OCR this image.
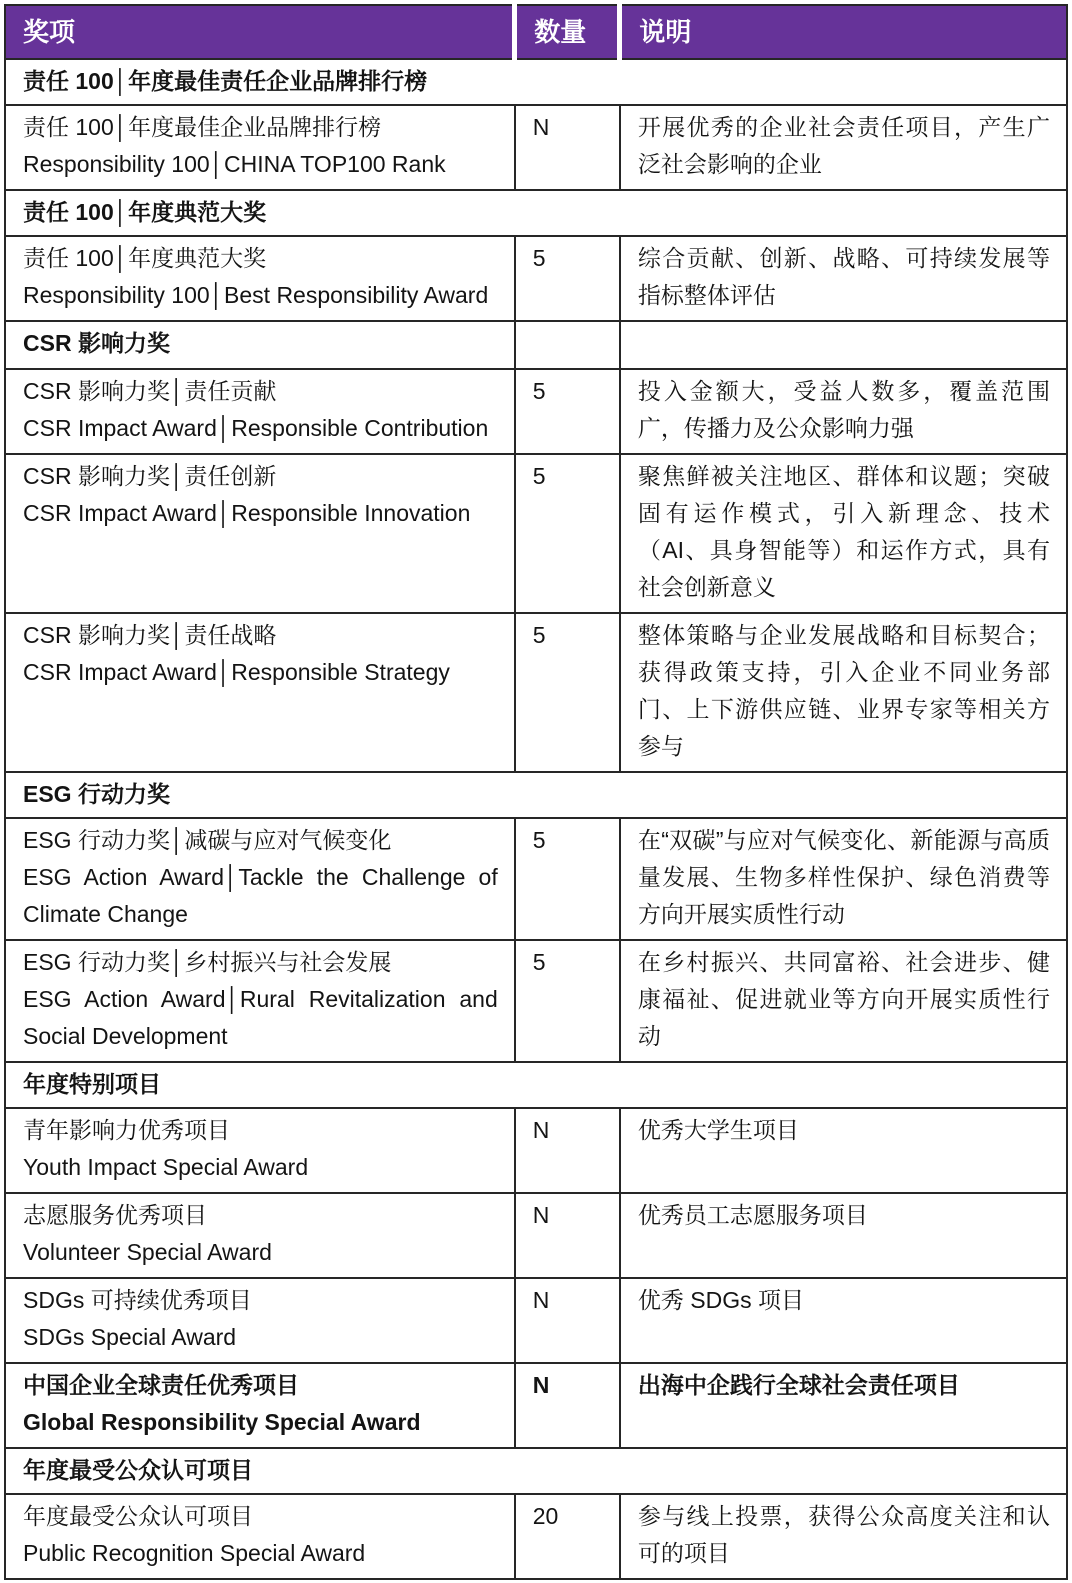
奖项	数量	说明
责任 100│年度最佳责任企业品牌排行榜		

责任 100│年度最佳企业品牌排行榜
Responsibility 100│CHINA TOP100 Rank	N	开展优秀的企业社会责任项目，产生广泛社会影响的企业
责任 100│年度典范大奖		

责任 100│年度典范大奖
Responsibility 100│Best Responsibility Award	5	综合贡献、创新、战略、可持续发展等指标整体评估
CSR 影响力奖		

CSR 影响力奖│责任贡献
CSR Impact Award│Responsible Contribution	5	投入金额大，受益人数多，覆盖范围广，传播力及公众影响力强

CSR 影响力奖│责任创新
CSR Impact Award│Responsible Innovation	5	聚焦鲜被关注地区、群体和议题；突破固有运作模式，引入新理念、技术（AI、具身智能等）和运作方式，具有社会创新意义

CSR 影响力奖│责任战略
CSR Impact Award│Responsible Strategy	5	整体策略与企业发展战略和目标契合；获得政策支持，引入企业不同业务部门、上下游供应链、业界专家等相关方参与
ESG 行动力奖		

ESG 行动力奖│减碳与应对气候变化
ESG Action Award│Tackle the Challenge of Climate Change	5	在“双碳”与应对气候变化、新能源与高质量发展、生物多样性保护、绿色消费等方向开展实质性行动

ESG 行动力奖│乡村振兴与社会发展
ESG Action Award│Rural Revitalization and Social Development	5	在乡村振兴、共同富裕、社会进步、健康福祉、促进就业等方向开展实质性行动
年度特别项目		

青年影响力优秀项目
Youth Impact Special Award	N	优秀大学生项目

志愿服务优秀项目
Volunteer Special Award	N	优秀员工志愿服务项目

SDGs 可持续优秀项目
SDGs Special Award	N	优秀 SDGs 项目

中国企业全球责任优秀项目
Global Responsibility Special Award	N	出海中企践行全球社会责任项目
年度最受公众认可项目		

年度最受公众认可项目
Public Recognition Special Award	20	参与线上投票，获得公众高度关注和认可的项目
